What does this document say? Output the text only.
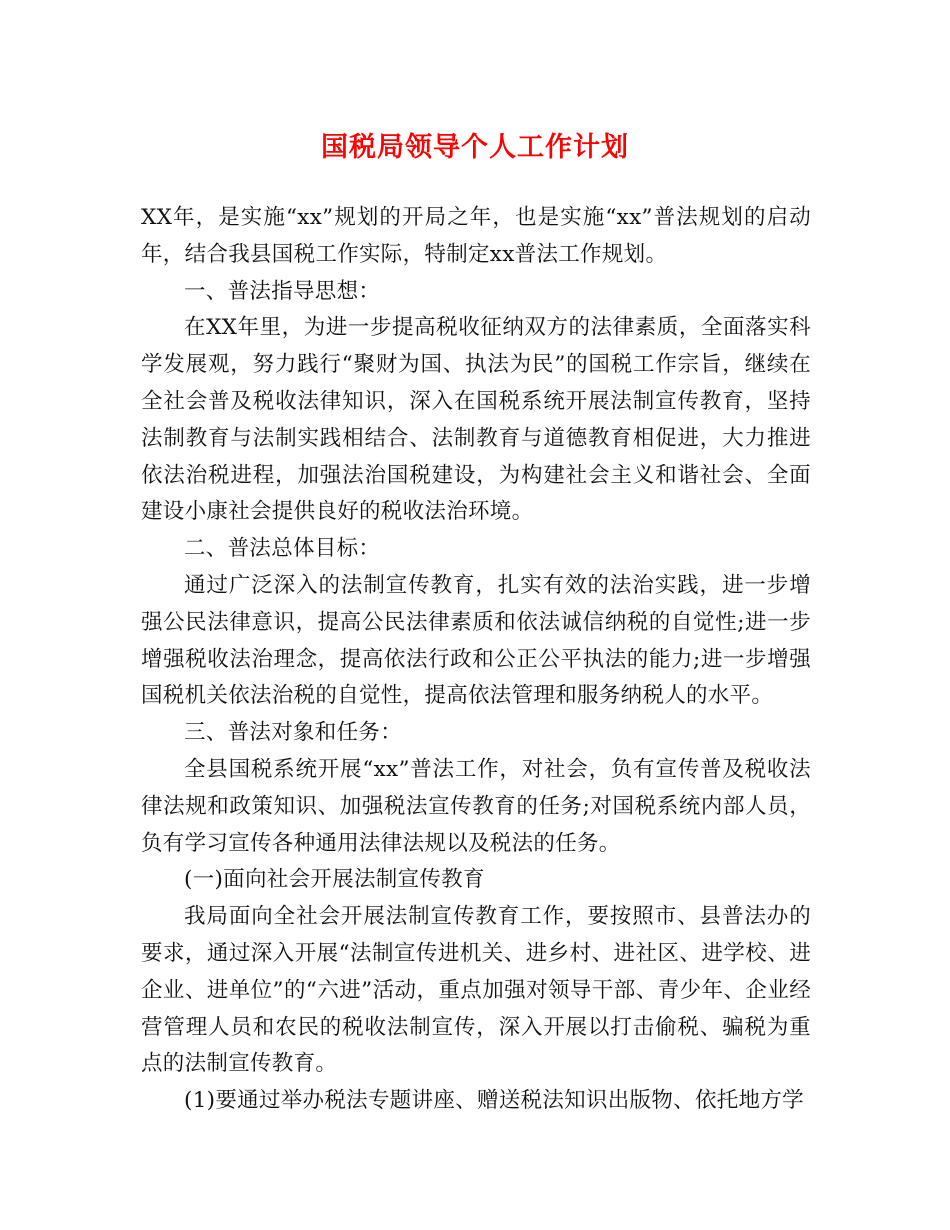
国税局领导个人工作计划

XX年，是实施“xx”规划的开局之年，也是实施“xx”普法规划的启动年，结合我县国税工作实际，特制定xx普法工作规划。

一、普法指导思想：

在XX年里，为进一步提高税收征纳双方的法律素质，全面落实科学发展观，努力践行“聚财为国、执法为民”的国税工作宗旨，继续在全社会普及税收法律知识，深入在国税系统开展法制宣传教育，坚持法制教育与法制实践相结合、法制教育与道德教育相促进，大力推进依法治税进程，加强法治国税建设，为构建社会主义和谐社会、全面建设小康社会提供良好的税收法治环境。

二、普法总体目标：

通过广泛深入的法制宣传教育，扎实有效的法治实践，进一步增强公民法律意识，提高公民法律素质和依法诚信纳税的自觉性;进一步增强税收法治理念，提高依法行政和公正公平执法的能力;进一步增强国税机关依法治税的自觉性，提高依法管理和服务纳税人的水平。

三、普法对象和任务：

全县国税系统开展“xx”普法工作，对社会，负有宣传普及税收法律法规和政策知识、加强税法宣传教育的任务;对国税系统内部人员，负有学习宣传各种通用法律法规以及税法的任务。

(一)面向社会开展法制宣传教育

我局面向全社会开展法制宣传教育工作，要按照市、县普法办的要求，通过深入开展“法制宣传进机关、进乡村、进社区、进学校、进企业、进单位”的“六进”活动，重点加强对领导干部、青少年、企业经营管理人员和农民的税收法制宣传，深入开展以打击偷税、骗税为重点的法制宣传教育。

(1)要通过举办税法专题讲座、赠送税法知识出版物、依托地方学
